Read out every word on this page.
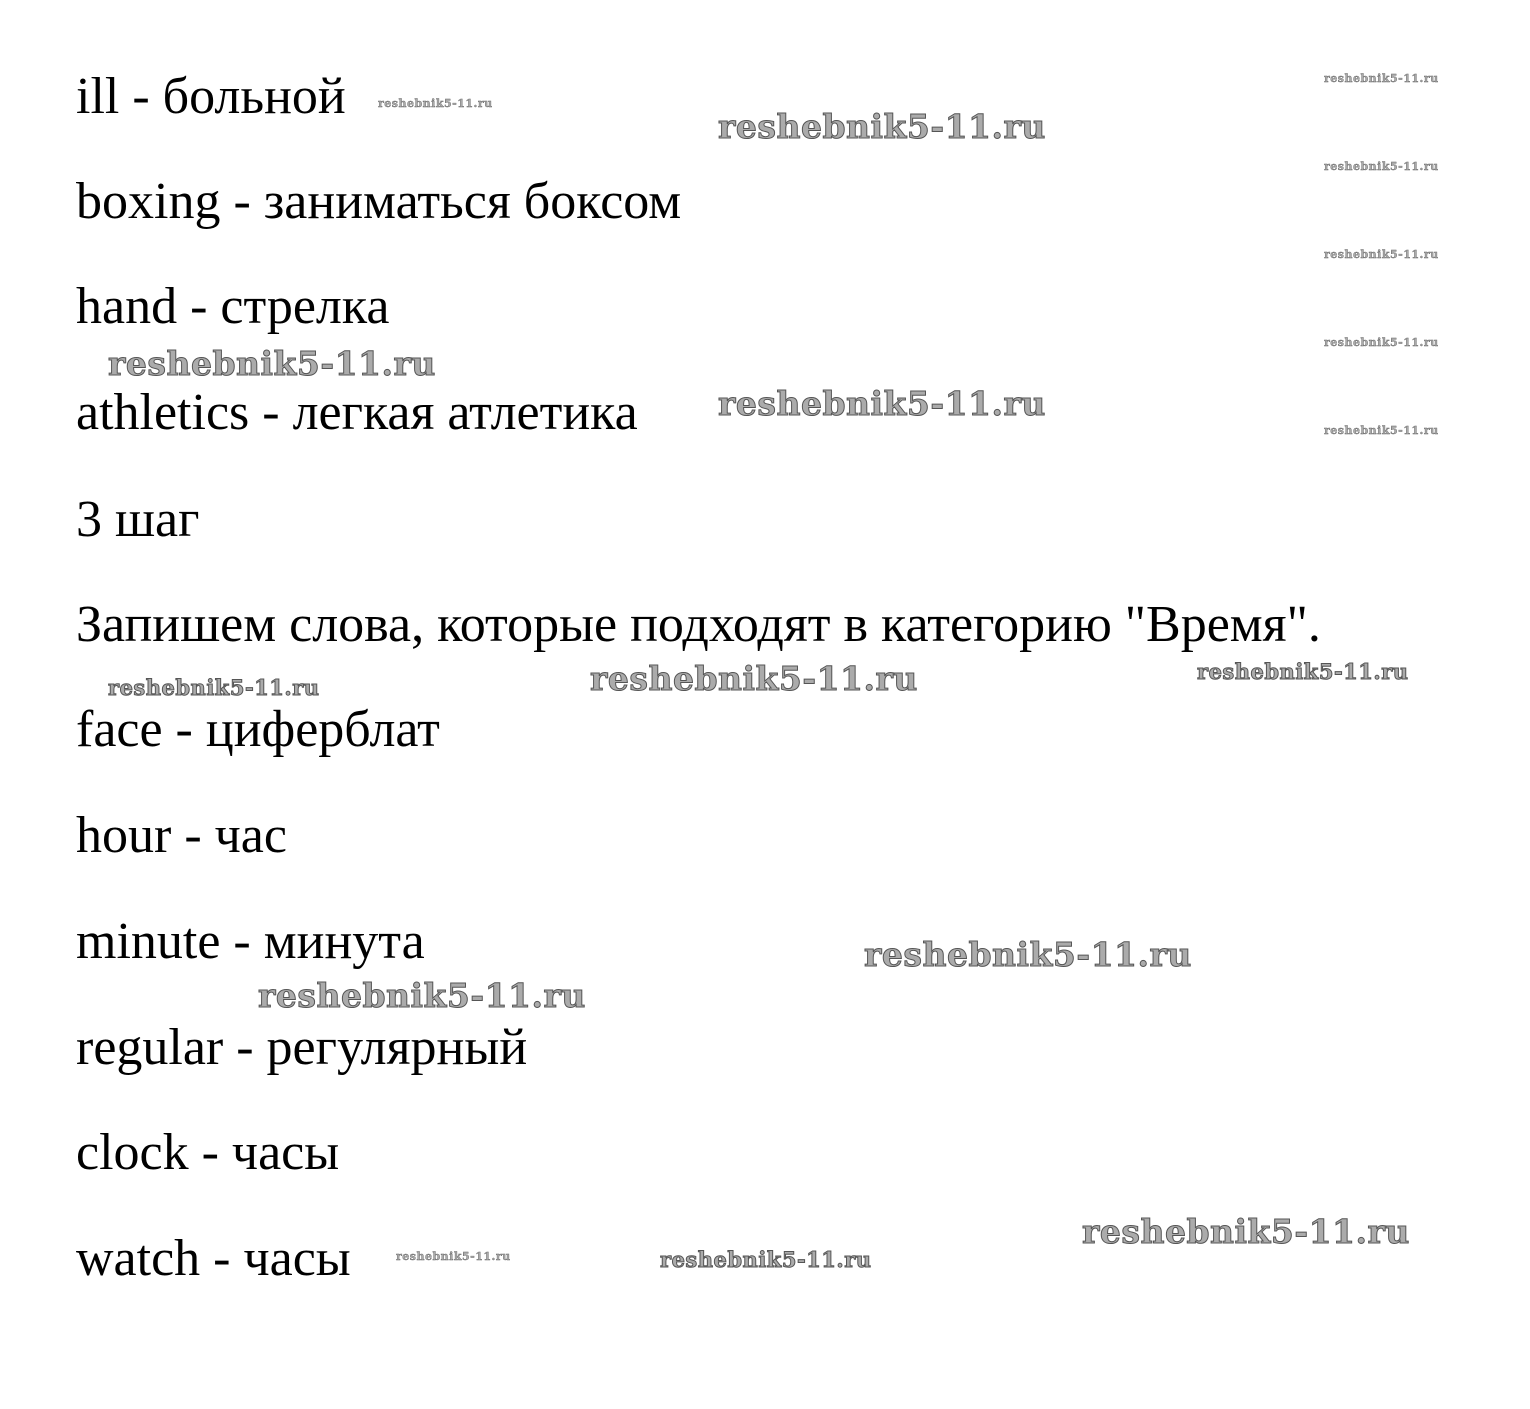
ill - больной

boxing - заниматься боксом

hand - стрелка

athletics - легкая атлетика

3 шаг

Запишем слова, которые подходят в категорию "Время".

face - циферблат

hour - час

minute - минута

regular - регулярный

clock - часы

watch - часы

reshebnik5-11.ru
reshebnik5-11.ru
reshebnik5-11.ru
reshebnik5-11.ru
reshebnik5-11.ru
reshebnik5-11.ru
reshebnik5-11.ru
reshebnik5-11.ru
reshebnik5-11.ru
reshebnik5-11.ru
reshebnik5-11.ru
reshebnik5-11.ru
reshebnik5-11.ru
reshebnik5-11.ru
reshebnik5-11.ru
reshebnik5-11.ru
reshebnik5-11.ru
